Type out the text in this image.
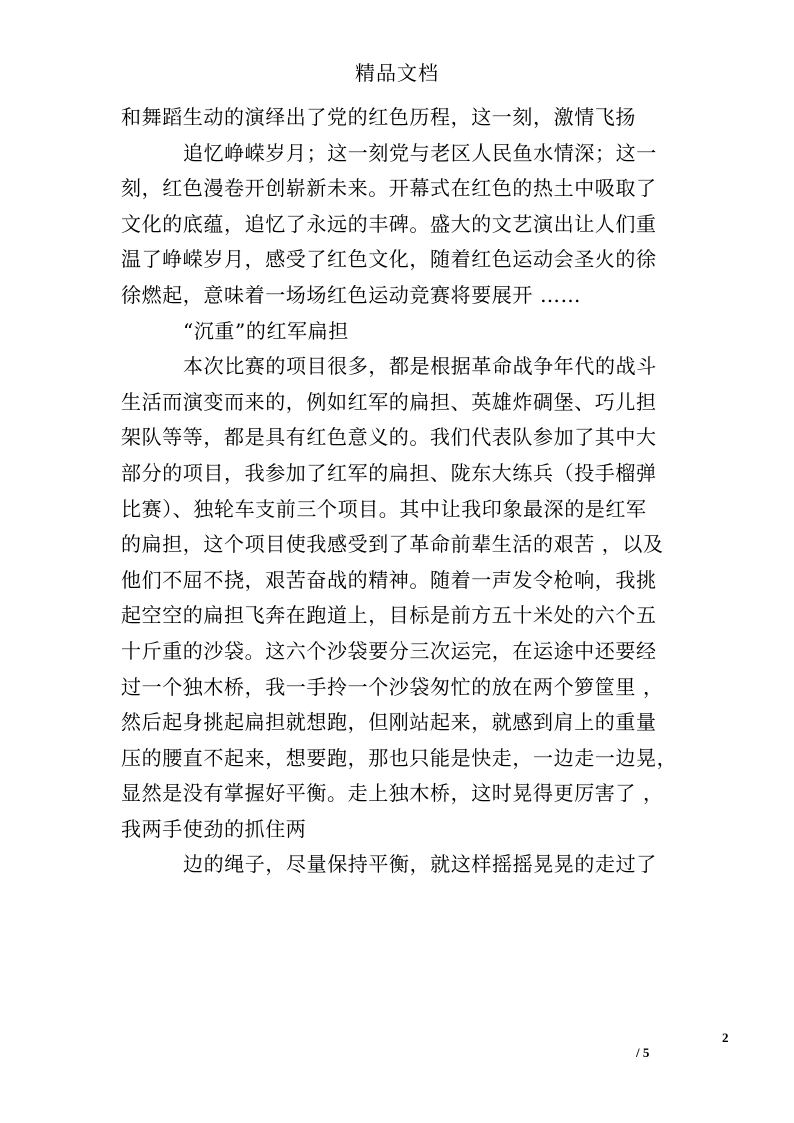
精品文档
和舞蹈生动的演绎出了党的红色历程，这一刻，激情飞扬
追忆峥嵘岁月；这一刻党与老区人民鱼水情深；这一
刻，红色漫卷开创崭新未来。开幕式在红色的热土中吸取了
文化的底蕴，追忆了永远的丰碑。盛大的文艺演出让人们重
温了峥嵘岁月，感受了红色文化，随着红色运动会圣火的徐
徐燃起，意味着一场场红色运动竞赛将要展开 ……
“沉重”的红军扁担
本次比赛的项目很多，都是根据革命战争年代的战斗
生活而演变而来的，例如红军的扁担、英雄炸碉堡、巧儿担
架队等等，都是具有红色意义的。我们代表队参加了其中大
部分的项目，我参加了红军的扁担、陇东大练兵（投手榴弹
比赛）、独轮车支前三个项目。其中让我印象最深的是红军
的扁担，这个项目使我感受到了革命前辈生活的艰苦 ，以及
他们不屈不挠，艰苦奋战的精神。随着一声发令枪响，我挑
起空空的扁担飞奔在跑道上，目标是前方五十米处的六个五
十斤重的沙袋。这六个沙袋要分三次运完，在运途中还要经
过一个独木桥，我一手拎一个沙袋匆忙的放在两个箩筐里 ，
然后起身挑起扁担就想跑，但刚站起来，就感到肩上的重量
压的腰直不起来，想要跑，那也只能是快走，一边走一边晃，
显然是没有掌握好平衡。走上独木桥，这时晃得更厉害了 ，
我两手使劲的抓住两
边的绳子，尽量保持平衡，就这样摇摇晃晃的走过了
2
/ 5
